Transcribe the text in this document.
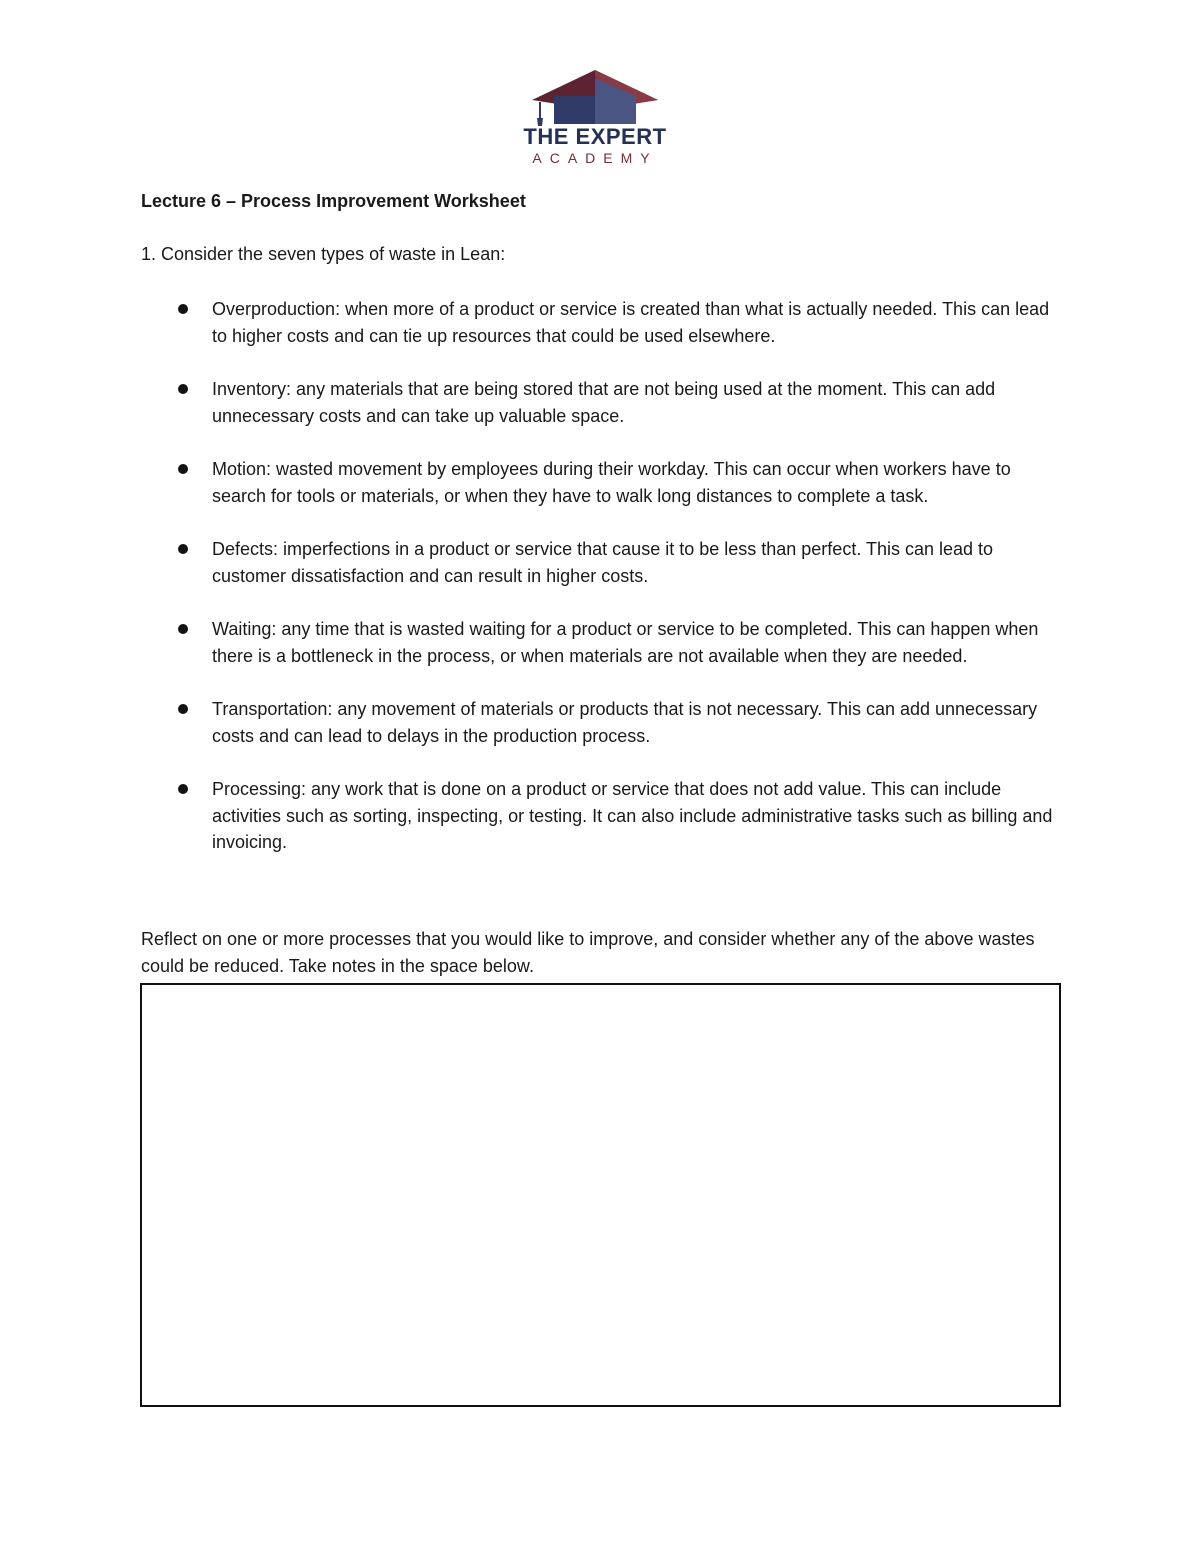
THE EXPERT
ACADEMY
Lecture 6 – Process Improvement Worksheet
1. Consider the seven types of waste in Lean:
Overproduction: when more of a product or service is created than what is actually needed. This can lead to higher costs and can tie up resources that could be used elsewhere.
Inventory: any materials that are being stored that are not being used at the moment. This can add unnecessary costs and can take up valuable space.
Motion: wasted movement by employees during their workday. This can occur when workers have to search for tools or materials, or when they have to walk long distances to complete a task.
Defects: imperfections in a product or service that cause it to be less than perfect. This can lead to customer dissatisfaction and can result in higher costs.
Waiting: any time that is wasted waiting for a product or service to be completed. This can happen when there is a bottleneck in the process, or when materials are not available when they are needed.
Transportation: any movement of materials or products that is not necessary. This can add unnecessary costs and can lead to delays in the production process.
Processing: any work that is done on a product or service that does not add value. This can include activities such as sorting, inspecting, or testing. It can also include administrative tasks such as billing and invoicing.
Reflect on one or more processes that you would like to improve, and consider whether any of the above wastes could be reduced. Take notes in the space below.
